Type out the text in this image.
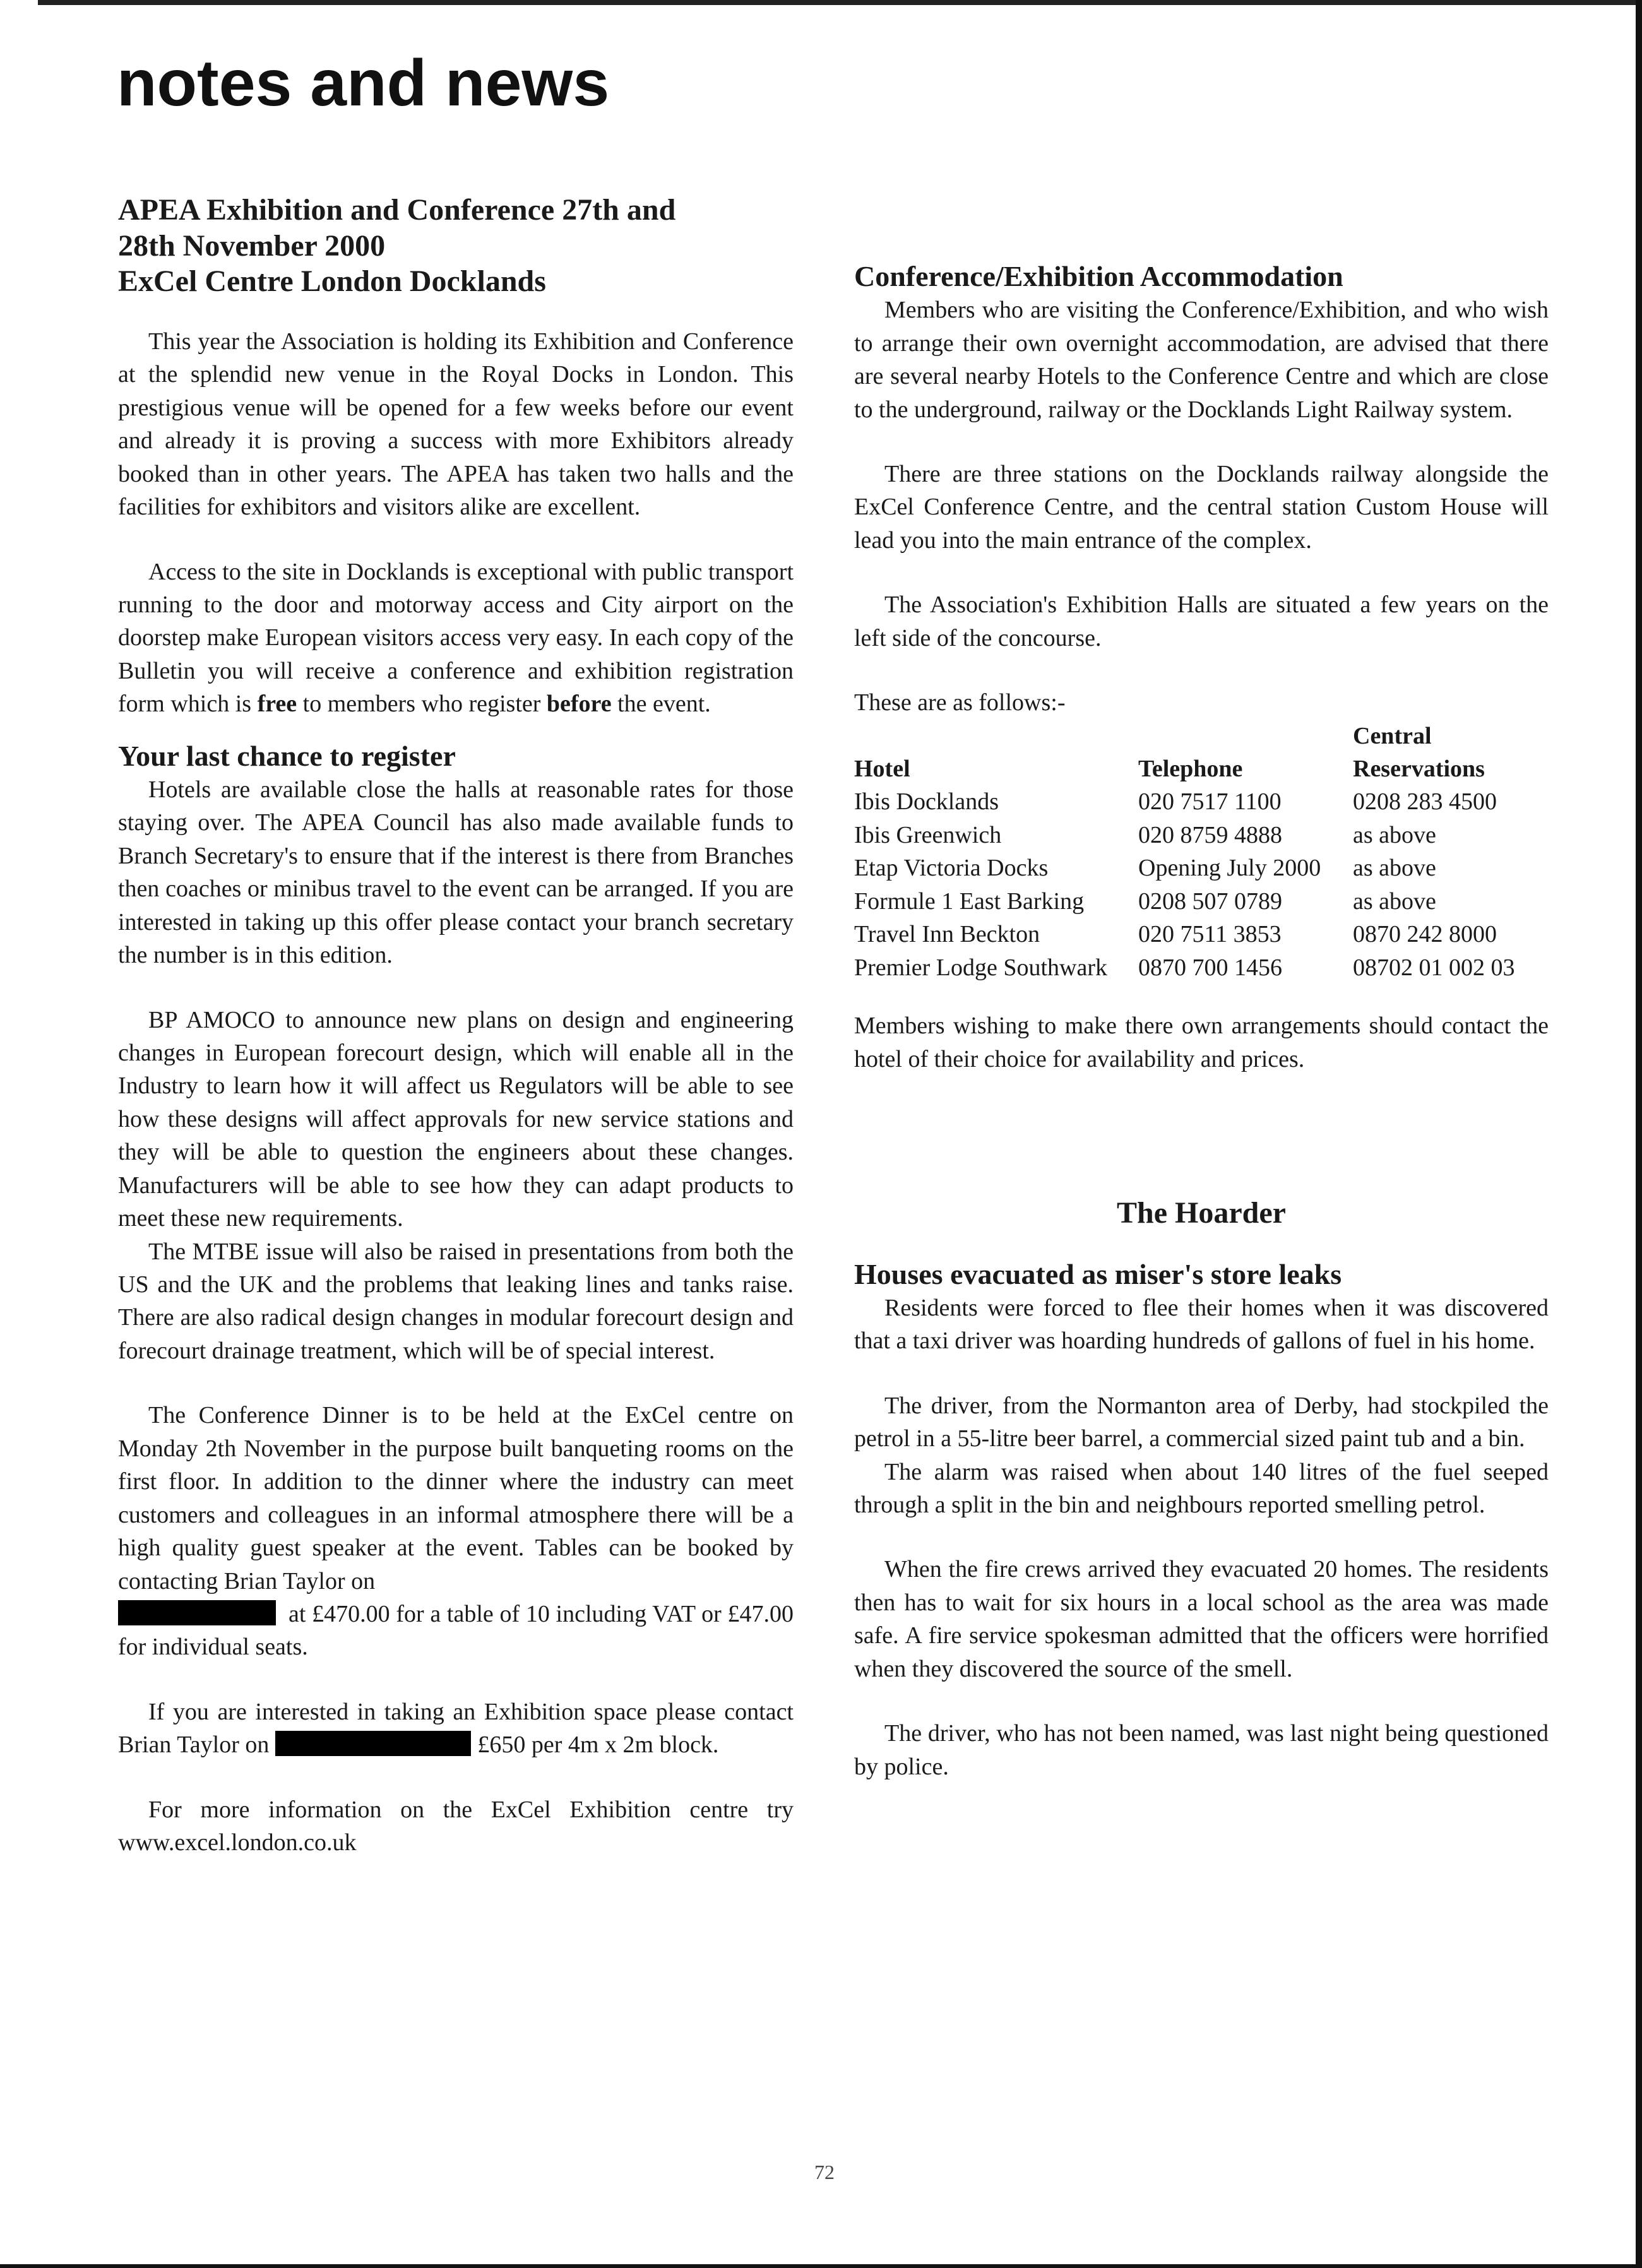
notes and news
APEA Exhibition and Conference 27th and
28th November 2000
ExCel Centre London Docklands

This year the Association is holding its Exhibition and Conference at the splendid new venue in the Royal Docks in London. This prestigious venue will be opened for a few weeks before our event and already it is proving a success with more Exhibitors already booked than in other years. The APEA has taken two halls and the facilities for exhibitors and visitors alike are excellent.

Access to the site in Docklands is exceptional with public transport running to the door and motorway access and City airport on the doorstep make European visitors access very easy. In each copy of the Bulletin you will receive a conference and exhibition registration form which is free to members who register before the event.

Your last chance to register

Hotels are available close the halls at reasonable rates for those staying over. The APEA Council has also made available funds to Branch Secretary's to ensure that if the interest is there from Branches then coaches or minibus travel to the event can be arranged. If you are interested in taking up this offer please contact your branch secretary the number is in this edition.

BP AMOCO to announce new plans on design and engineering changes in European forecourt design, which will enable all in the Industry to learn how it will affect us Regulators will be able to see how these designs will affect approvals for new service stations and they will be able to question the engineers about these changes. Manufacturers will be able to see how they can adapt products to meet these new requirements.

The MTBE issue will also be raised in presentations from both the US and the UK and the problems that leaking lines and tanks raise. There are also radical design changes in modular forecourt design and forecourt drainage treatment, which will be of special interest.

The Conference Dinner is to be held at the ExCel centre on Monday 2th November in the purpose built banqueting rooms on the first floor. In addition to the dinner where the industry can meet customers and colleagues in an informal atmosphere there will be a high quality guest speaker at the event. Tables can be booked by contacting Brian Taylor on
at £470.00 for a table of 10 including VAT or £47.00 for individual seats.

If you are interested in taking an Exhibition space please contact Brian Taylor on	£650 per 4m x 2m block.

For more information on the ExCel Exhibition centre try www.excel.london.co.uk

Conference/Exhibition Accommodation

Members who are visiting the Conference/Exhibition, and who wish to arrange their own overnight accommodation, are advised that there are several nearby Hotels to the Conference Centre and which are close to the underground, railway or the Docklands Light Railway system.

There are three stations on the Docklands railway alongside the ExCel Conference Centre, and the central station Custom House will lead you into the main entrance of the complex.

The Association's Exhibition Halls are situated a few years on the left side of the concourse.

These are as follows:-

		Central
Hotel	Telephone	Reservations
Ibis Docklands	020 7517 1100	0208 283 4500
Ibis Greenwich	020 8759 4888	as above
Etap Victoria Docks	Opening July 2000	as above
Formule 1 East Barking	0208 507 0789	as above
Travel Inn Beckton	020 7511 3853	0870 242 8000
Premier Lodge Southwark	0870 700 1456	08702 01 002 03

Members wishing to make there own arrangements should contact the hotel of their choice for availability and prices.

The Hoarder
Houses evacuated as miser's store leaks

Residents were forced to flee their homes when it was discovered that a taxi driver was hoarding hundreds of gallons of fuel in his home.

The driver, from the Normanton area of Derby, had stockpiled the petrol in a 55-litre beer barrel, a commercial sized paint tub and a bin.

The alarm was raised when about 140 litres of the fuel seeped through a split in the bin and neighbours reported smelling petrol.

When the fire crews arrived they evacuated 20 homes. The residents then has to wait for six hours in a local school as the area was made safe. A fire service spokesman admitted that the officers were horrified when they discovered the source of the smell.

The driver, who has not been named, was last night being questioned by police.

72
